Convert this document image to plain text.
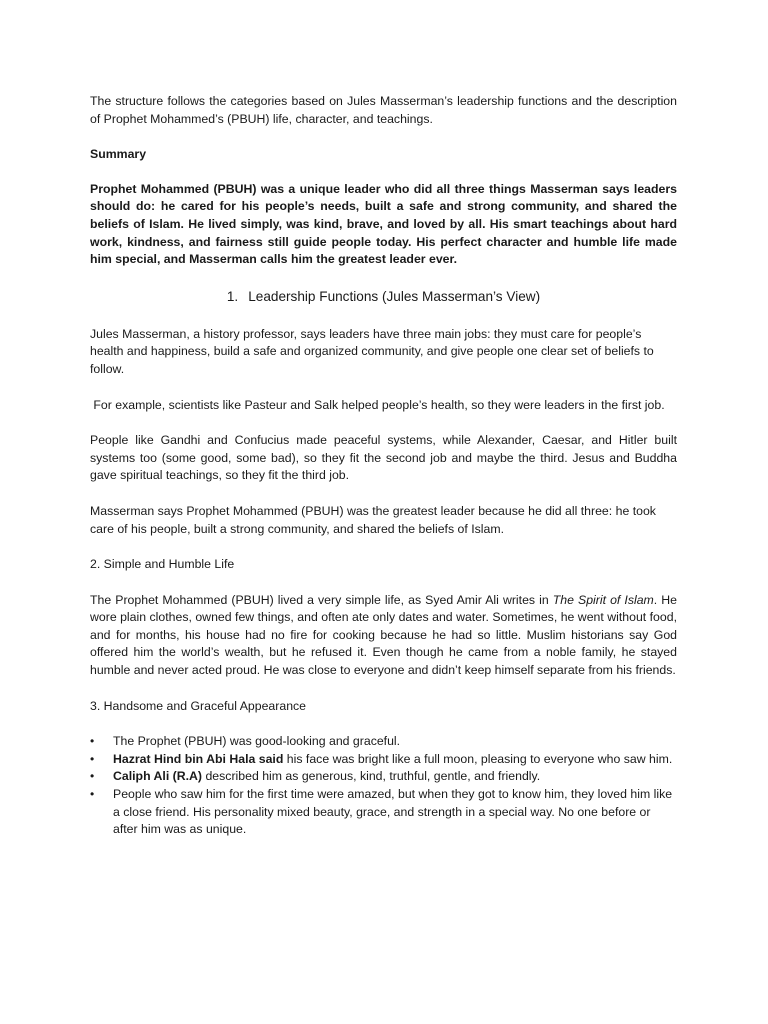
The structure follows the categories based on Jules Masserman’s leadership functions and the description of Prophet Mohammed’s (PBUH) life, character, and teachings.

Summary

Prophet Mohammed (PBUH) was a unique leader who did all three things Masserman says leaders should do: he cared for his people’s needs, built a safe and strong community, and shared the beliefs of Islam. He lived simply, was kind, brave, and loved by all. His smart teachings about hard work, kindness, and fairness still guide people today. His perfect character and humble life made him special, and Masserman calls him the greatest leader ever.

1. Leadership Functions (Jules Masserman’s View)

Jules Masserman, a history professor, says leaders have three main jobs: they must care for people’s health and happiness, build a safe and organized community, and give people one clear set of beliefs to follow.

For example, scientists like Pasteur and Salk helped people’s health, so they were leaders in the first job.

People like Gandhi and Confucius made peaceful systems, while Alexander, Caesar, and Hitler built systems too (some good, some bad), so they fit the second job and maybe the third. Jesus and Buddha gave spiritual teachings, so they fit the third job.

Masserman says Prophet Mohammed (PBUH) was the greatest leader because he did all three: he took care of his people, built a strong community, and shared the beliefs of Islam.

2. Simple and Humble Life

The Prophet Mohammed (PBUH) lived a very simple life, as Syed Amir Ali writes in The Spirit of Islam. He wore plain clothes, owned few things, and often ate only dates and water. Sometimes, he went without food, and for months, his house had no fire for cooking because he had so little. Muslim historians say God offered him the world’s wealth, but he refused it. Even though he came from a noble family, he stayed humble and never acted proud. He was close to everyone and didn’t keep himself separate from his friends.

3. Handsome and Graceful Appearance

• The Prophet (PBUH) was good-looking and graceful.
• Hazrat Hind bin Abi Hala said his face was bright like a full moon, pleasing to everyone who saw him.
• Caliph Ali (R.A) described him as generous, kind, truthful, gentle, and friendly.
• People who saw him for the first time were amazed, but when they got to know him, they loved him like a close friend. His personality mixed beauty, grace, and strength in a special way. No one before or after him was as unique.
